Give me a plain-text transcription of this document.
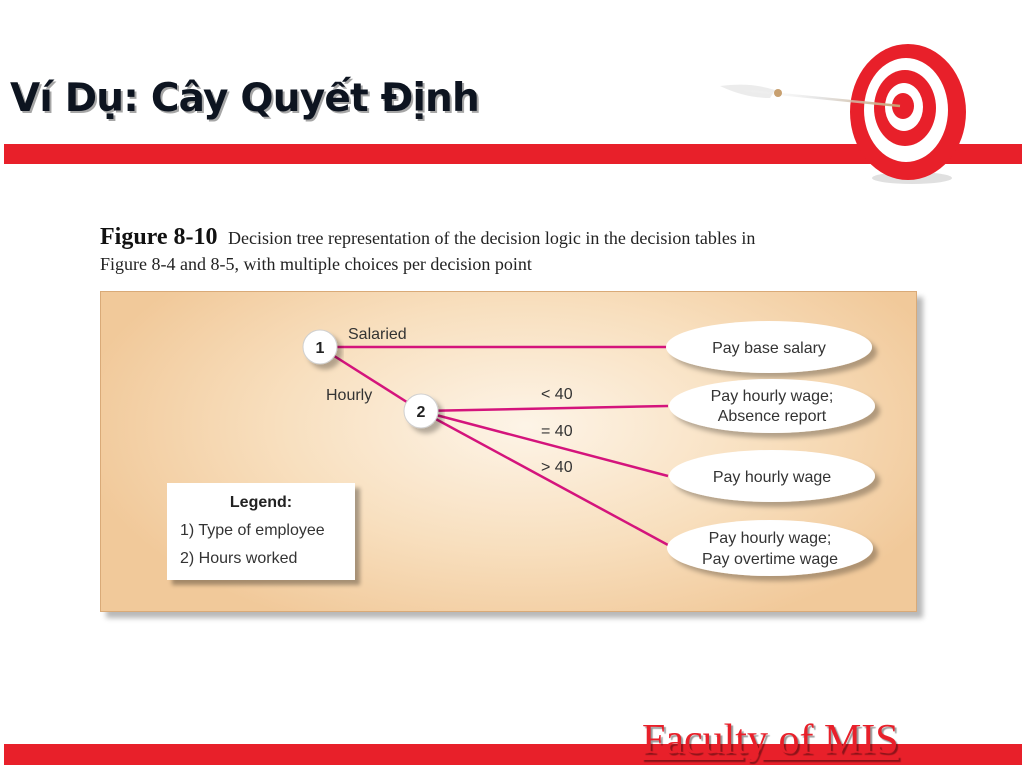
Ví Dụ: Cây Quyết Định
Figure 8-10 Decision tree representation of the decision logic in the decision tables in
Figure 8-4 and 8-5, with multiple choices per decision point
1
2
Salaried
Hourly	< 40
= 40
> 40
Pay base salary
Pay hourly wage;
Absence report
Pay hourly wage
Pay hourly wage;
Pay overtime wage
Legend:
1) Type of employee
2) Hours worked
Faculty of MIS
